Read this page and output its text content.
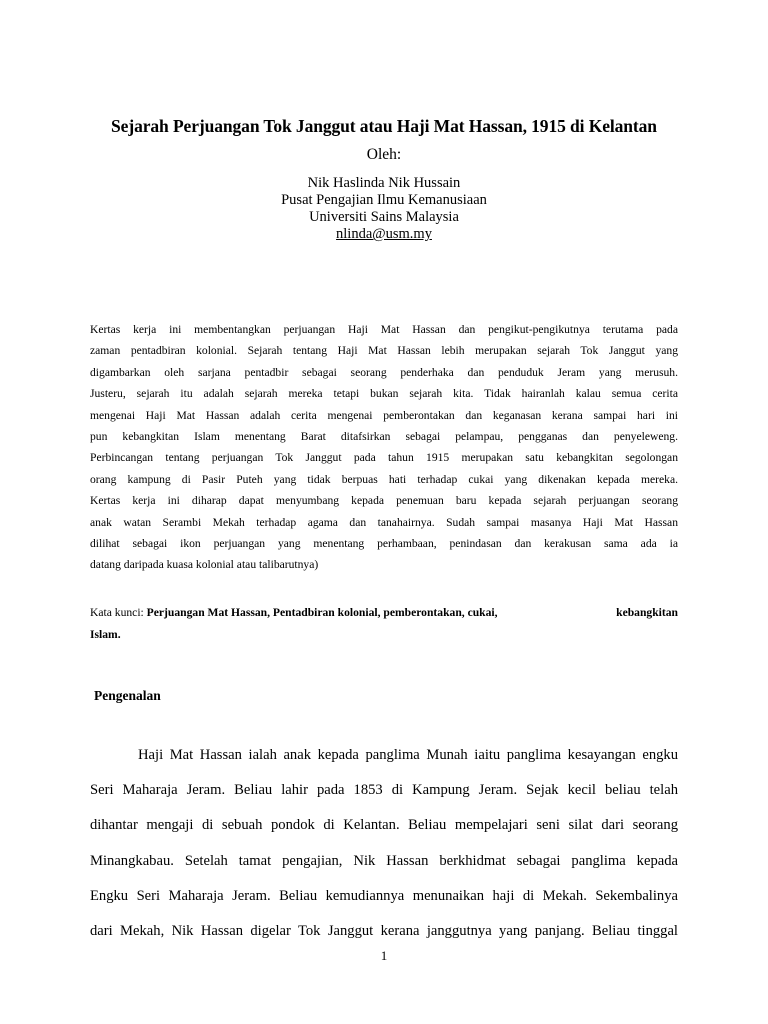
Sejarah Perjuangan Tok Janggut atau Haji Mat Hassan, 1915 di Kelantan
Oleh:
Nik Haslinda Nik Hussain
Pusat Pengajian Ilmu Kemanusiaan
Universiti Sains Malaysia
nlinda@usm.my
Kertas kerja ini membentangkan perjuangan Haji Mat Hassan dan pengikut-pengikutnya terutama pada
zaman pentadbiran kolonial. Sejarah tentang Haji Mat Hassan lebih merupakan sejarah Tok Janggut yang
digambarkan oleh sarjana pentadbir sebagai seorang penderhaka dan penduduk Jeram yang merusuh.
Justeru, sejarah itu adalah sejarah mereka tetapi bukan sejarah kita. Tidak hairanlah kalau semua cerita
mengenai Haji Mat Hassan adalah cerita mengenai pemberontakan dan keganasan kerana sampai hari ini
pun kebangkitan Islam menentang Barat ditafsirkan sebagai pelampau, pengganas dan penyeleweng.
Perbincangan tentang perjuangan Tok Janggut pada tahun 1915 merupakan satu kebangkitan segolongan
orang kampung di Pasir Puteh yang tidak berpuas hati terhadap cukai yang dikenakan kepada mereka.
Kertas kerja ini diharap dapat menyumbang kepada penemuan baru kepada sejarah perjuangan seorang
anak watan Serambi Mekah terhadap agama dan tanahairnya. Sudah sampai masanya Haji Mat Hassan
dilihat sebagai ikon perjuangan yang menentang perhambaan, penindasan dan kerakusan sama ada ia
datang daripada kuasa kolonial atau talibarutnya)
Kata kunci: Perjuangan Mat Hassan, Pentadbiran kolonial, pemberontakan, cukai,	kebangkitan
Islam.
Pengenalan
Haji Mat Hassan ialah anak kepada panglima Munah iaitu panglima kesayangan engku
Seri Maharaja Jeram. Beliau lahir pada 1853 di Kampung Jeram. Sejak kecil beliau telah
dihantar mengaji di sebuah pondok di Kelantan. Beliau mempelajari seni silat dari seorang
Minangkabau. Setelah tamat pengajian, Nik Hassan berkhidmat sebagai panglima kepada
Engku Seri Maharaja Jeram. Beliau kemudiannya menunaikan haji di Mekah. Sekembalinya
dari Mekah, Nik Hassan digelar Tok Janggut kerana janggutnya yang panjang. Beliau tinggal
1
